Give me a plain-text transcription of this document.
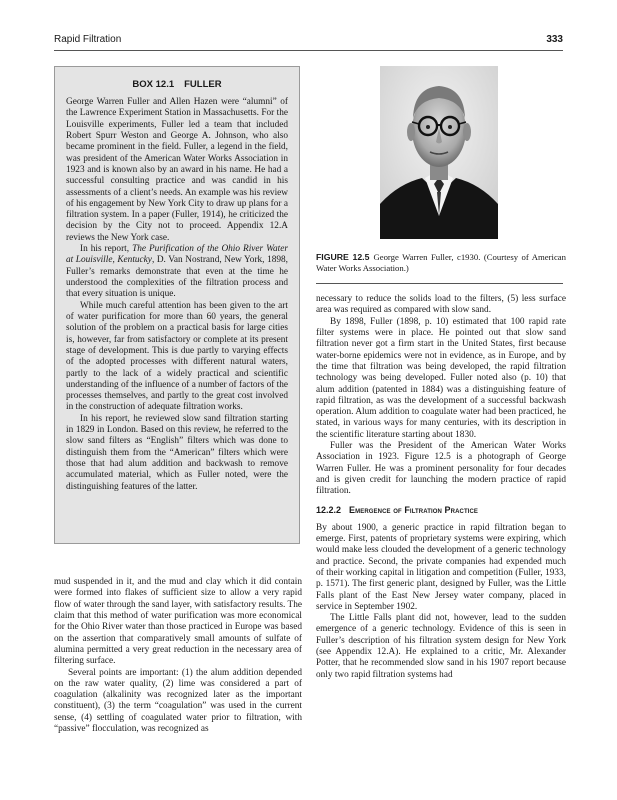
Rapid Filtration	333
BOX 12.1 FULLER

George Warren Fuller and Allen Hazen were “alumni” of the Lawrence Experiment Station in Massachusetts. For the Louisville experiments, Fuller led a team that included Robert Spurr Weston and George A. Johnson, who also became prominent in the field. Fuller, a legend in the field, was president of the American Water Works Association in 1923 and is known also by an award in his name. He had a successful consulting practice and was candid in his assessments of a client’s needs. An example was his review of his engagement by New York City to draw up plans for a filtration system. In a paper (Fuller, 1914), he criticized the decision by the City not to proceed. Appendix 12.A reviews the New York case.

In his report, The Purification of the Ohio River Water at Louisville, Kentucky, D. Van Nostrand, New York, 1898, Fuller’s remarks demonstrate that even at the time he understood the complexities of the filtration process and that every situation is unique.

While much careful attention has been given to the art of water purification for more than 60 years, the general solution of the problem on a practical basis for large cities is, however, far from satisfactory or complete at its present stage of development. This is due partly to varying effects of the adopted processes with different natural waters, partly to the lack of a widely practical and scientific understanding of the influence of a number of factors of the processes themselves, and partly to the great cost involved in the construction of adequate filtration works.

In his report, he reviewed slow sand filtration starting in 1829 in London. Based on this review, he referred to the slow sand filters as “English” filters which was done to distinguish them from the “American” filters which were those that had alum addition and backwash to remove accumulated material, which as Fuller noted, were the distinguishing features of the latter.

FIGURE 12.5 George Warren Fuller, c1930. (Courtesy of American Water Works Association.)

necessary to reduce the solids load to the filters, (5) less surface area was required as compared with slow sand.

By 1898, Fuller (1898, p. 10) estimated that 100 rapid rate filter systems were in place. He pointed out that slow sand filtration never got a firm start in the United States, first because water-borne epidemics were not in evidence, as in Europe, and by the time that filtration was being developed, the rapid filtration technology was being developed. Fuller noted also (p. 10) that alum addition (patented in 1884) was a distinguishing feature of rapid filtration, as was the development of a successful backwash operation. Alum addition to coagulate water had been practiced, he stated, in various ways for many centuries, with its description in the scientific literature starting about 1830.

Fuller was the President of the American Water Works Association in 1923. Figure 12.5 is a photograph of George Warren Fuller. He was a prominent personality for four decades and is given credit for launching the modern practice of rapid filtration.

12.2.2 Emergence of Filtration Practice

By about 1900, a generic practice in rapid filtration began to emerge. First, patents of proprietary systems were expiring, which would make less clouded the development of a generic technology and practice. Second, the private companies had expended much of their working capital in litigation and competition (Fuller, 1933, p. 1571). The first generic plant, designed by Fuller, was the Little Falls plant of the East New Jersey water company, placed in service in September 1902.

The Little Falls plant did not, however, lead to the sudden emergence of a generic technology. Evidence of this is seen in Fuller’s description of his filtration system design for New York (see Appendix 12.A). He explained to a critic, Mr. Alexander Potter, that he recommended slow sand in his 1907 report because only two rapid filtration systems had

mud suspended in it, and the mud and clay which it did contain were formed into flakes of sufficient size to allow a very rapid flow of water through the sand layer, with satisfactory results. The claim that this method of water purification was more economical for the Ohio River water than those practiced in Europe was based on the assertion that comparatively small amounts of sulfate of alumina permitted a very great reduction in the necessary area of filtering surface.

Several points are important: (1) the alum addition depended on the raw water quality, (2) lime was considered a part of coagulation (alkalinity was recognized later as the important constituent), (3) the term “coagulation” was used in the current sense, (4) settling of coagulated water prior to filtration, with “passive” flocculation, was recognized as
